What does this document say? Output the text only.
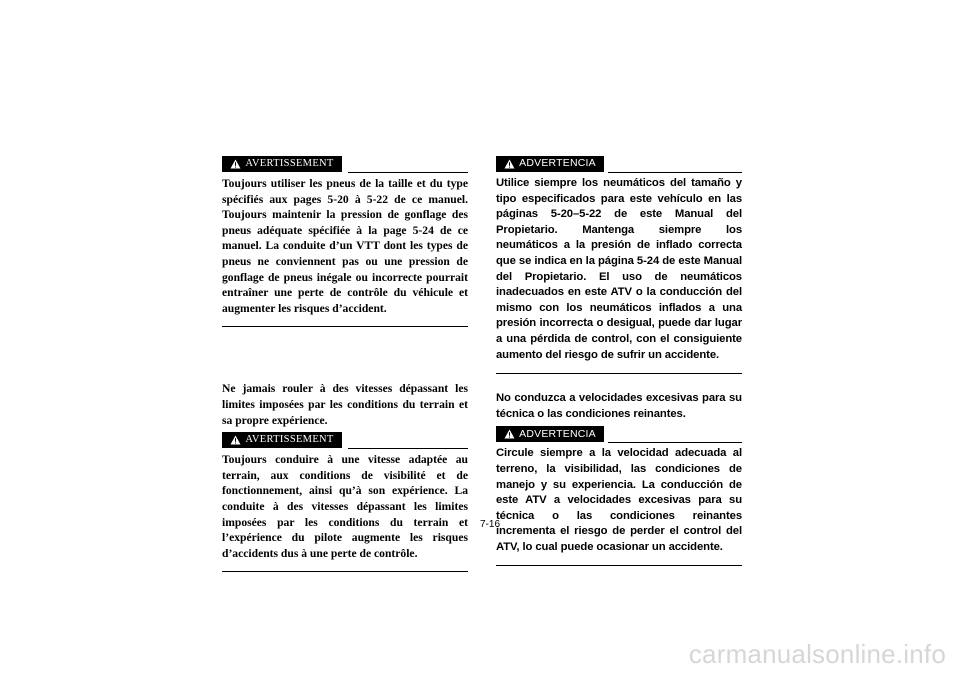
AVERTISSEMENT

Toujours utiliser les pneus de la taille et du type spécifiés aux pages 5-20 à 5-22 de ce manuel. Toujours maintenir la pression de gonflage des pneus adéquate spécifiée à la page 5-24 de ce manuel. La conduite d’un VTT dont les types de pneus ne conviennent pas ou une pression de gonflage de pneus inégale ou incorrecte pourrait entraîner une perte de contrôle du véhicule et augmenter les risques d’accident.

Ne jamais rouler à des vitesses dépassant les limites imposées par les conditions du terrain et sa propre expérience.

AVERTISSEMENT

Toujours conduire à une vitesse adaptée au terrain, aux conditions de visibilité et de fonctionnement, ainsi qu’à son expérience. La conduite à des vitesses dépassant les limites imposées par les conditions du terrain et l’expérience du pilote augmente les risques d’accidents dus à une perte de contrôle.

ADVERTENCIA

Utilice siempre los neumáticos del tamaño y tipo especificados para este vehículo en las páginas 5-20–5-22 de este Manual del Propietario. Mantenga siempre los neumáticos a la presión de inflado correcta que se indica en la página 5-24 de este Manual del Propietario. El uso de neumáticos inadecuados en este ATV o la conducción del mismo con los neumáticos inflados a una presión incorrecta o desigual, puede dar lugar a una pérdida de control, con el consiguiente aumento del riesgo de sufrir un accidente.

No conduzca a velocidades excesivas para su técnica o las condiciones reinantes.

ADVERTENCIA

Circule siempre a la velocidad adecuada al terreno, la visibilidad, las condiciones de manejo y su experiencia. La conducción de este ATV a velocidades excesivas para su técnica o las condiciones reinantes incrementa el riesgo de perder el control del ATV, lo cual puede ocasionar un accidente.

7-16
carmanualsonline.info
